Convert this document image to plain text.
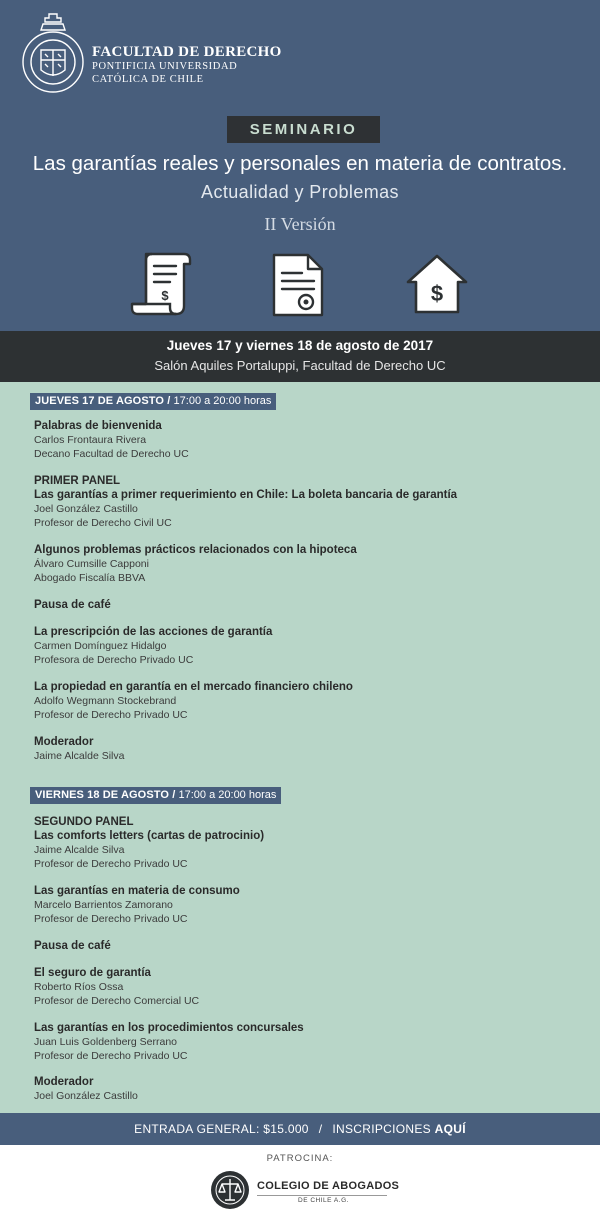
FACULTAD DE DERECHO
PONTIFICIA UNIVERSIDAD
CATÓLICA DE CHILE
SEMINARIO
Las garantías reales y personales en materia de contratos.
Actualidad y Problemas
II Versión
$	$
Jueves 17 y viernes 18 de agosto de 2017
Salón Aquiles Portaluppi, Facultad de Derecho UC
JUEVES 17 DE AGOSTO / 17:00 a 20:00 horas
Palabras de bienvenida
Carlos Frontaura Rivera
Decano Facultad de Derecho UC
PRIMER PANEL
Las garantías a primer requerimiento en Chile: La boleta bancaria de garantía
Joel González Castillo
Profesor de Derecho Civil UC
Algunos problemas prácticos relacionados con la hipoteca
Álvaro Cumsille Capponi
Abogado Fiscalía BBVA
Pausa de café
La prescripción de las acciones de garantía
Carmen Domínguez Hidalgo
Profesora de Derecho Privado UC
La propiedad en garantía en el mercado financiero chileno
Adolfo Wegmann Stockebrand
Profesor de Derecho Privado UC
Moderador
Jaime Alcalde Silva
VIERNES 18 DE AGOSTO / 17:00 a 20:00 horas
SEGUNDO PANEL
Las comforts letters (cartas de patrocinio)
Jaime Alcalde Silva
Profesor de Derecho Privado UC
Las garantías en materia de consumo
Marcelo Barrientos Zamorano
Profesor de Derecho Privado UC
Pausa de café
El seguro de garantía
Roberto Ríos Ossa
Profesor de Derecho Comercial UC
Las garantías en los procedimientos concursales
Juan Luis Goldenberg Serrano
Profesor de Derecho Privado UC
Moderador
Joel González Castillo
ENTRADA GENERAL: $15.000 / INSCRIPCIONES AQUÍ
PATROCINA:
COLEGIO DE ABOGADOS
DE CHILE A.G.
